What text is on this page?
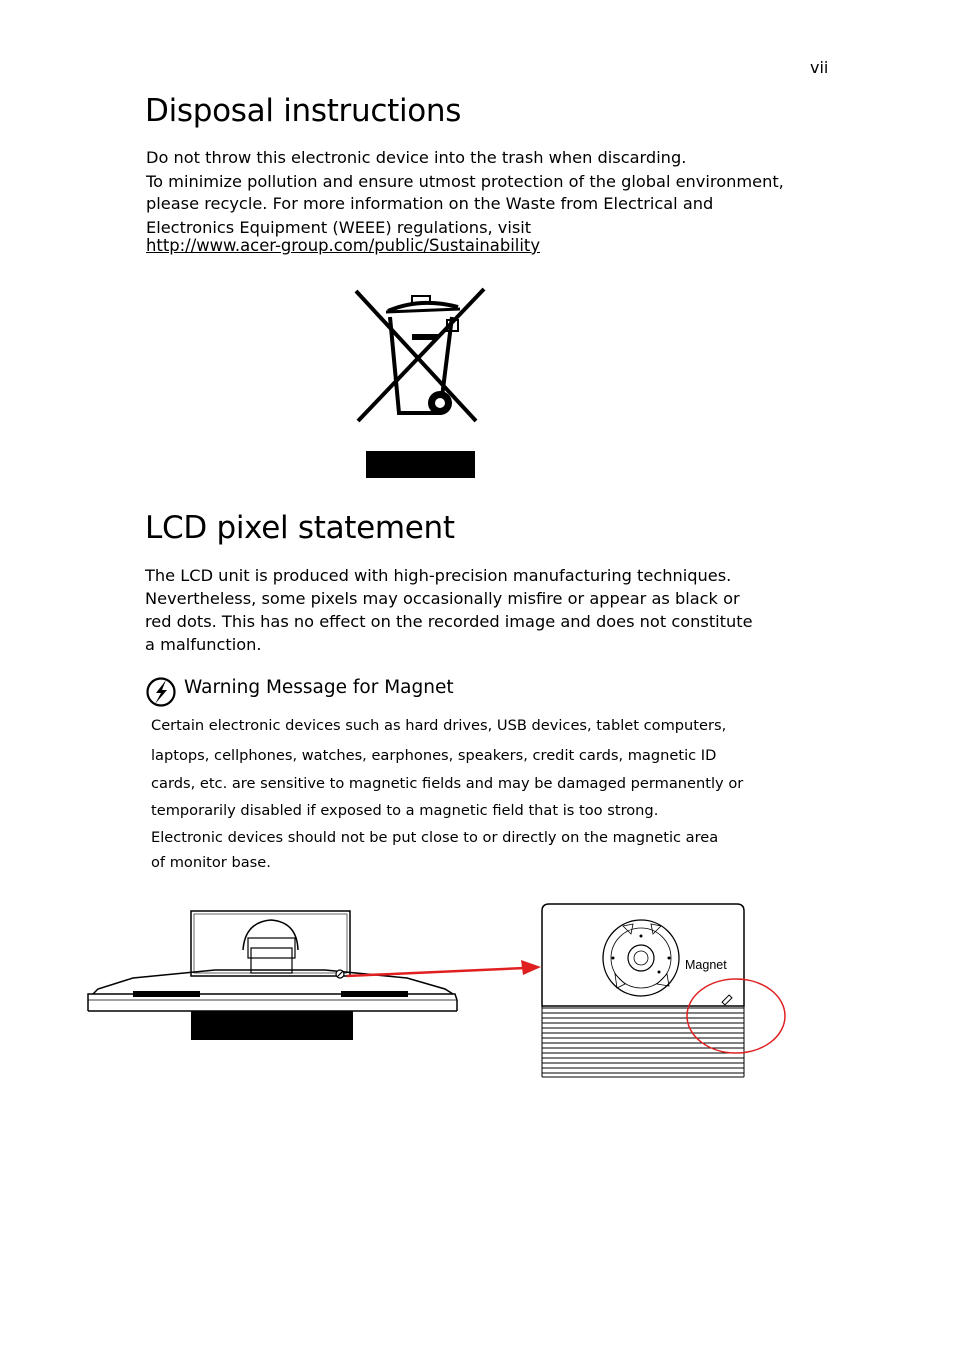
vii
Disposal instructions
Do not throw this electronic device into the trash when discarding.
To minimize pollution and ensure utmost protection of the global environment,
please recycle. For more information on the Waste from Electrical and
Electronics Equipment (WEEE) regulations, visit
http://www.acer-group.com/public/Sustainability
LCD pixel statement
The LCD unit is produced with high-precision manufacturing techniques.
Nevertheless, some pixels may occasionally misfire or appear as black or
red dots. This has no effect on the recorded image and does not constitute
a malfunction.
Warning Message for Magnet
Certain electronic devices such as hard drives, USB devices, tablet computers,
laptops, cellphones, watches, earphones, speakers, credit cards, magnetic ID
cards, etc. are sensitive to magnetic fields and may be damaged permanently or
temporarily disabled if exposed to a magnetic field that is too strong.
Electronic devices should not be put close to or directly on the magnetic area
of monitor base.
Magnet
